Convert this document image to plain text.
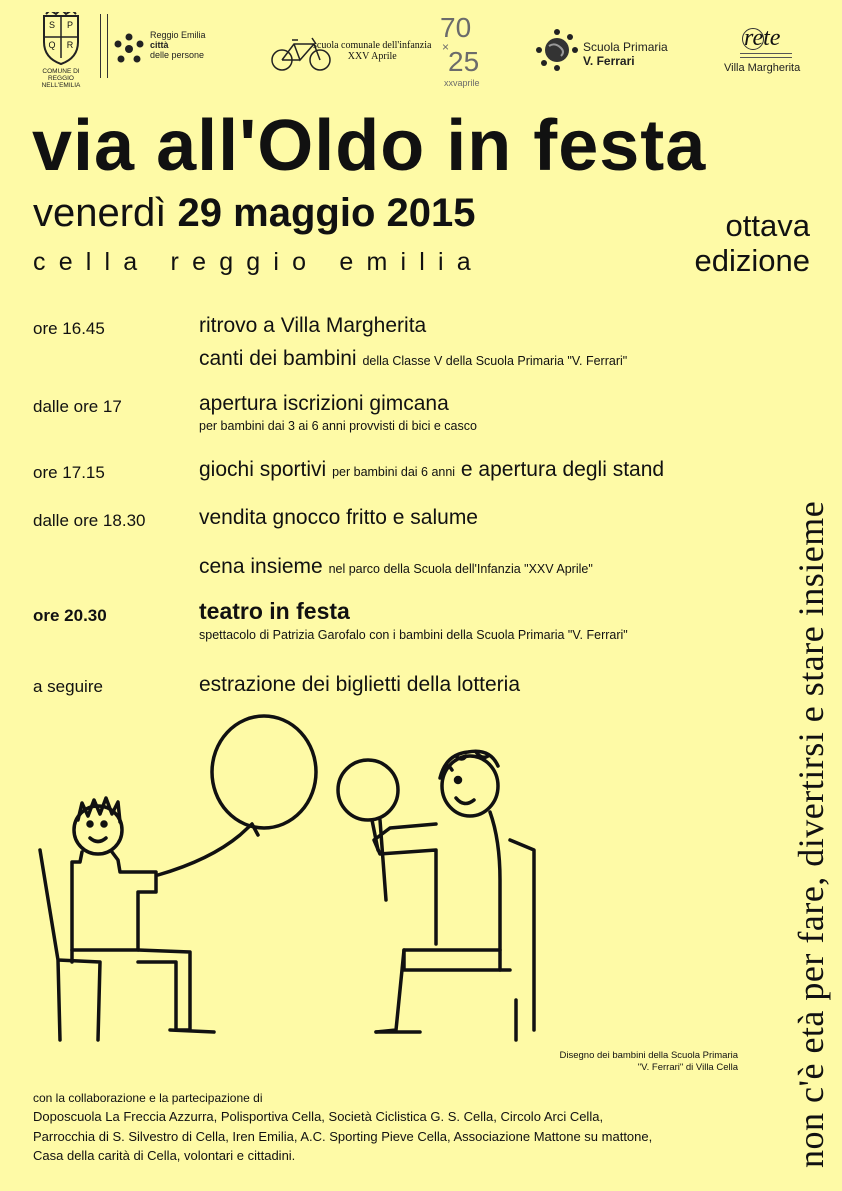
S	P
Q	R
COMUNE DI
REGGIO NELL'EMILIA
Reggio Emilia
città
delle persone
scuola comunale dell'infanzia
XXV Aprile
70
×
25
xxvaprile
Scuola Primaria
V. Ferrari
rete
Villa Margherita
via all'Oldo in festa
venerdì 29 maggio 2015
cella reggio emilia
ottava
edizione
ore 16.45	ritrovo a Villa Margherita
canti dei bambini della Classe V della Scuola Primaria "V. Ferrari"
dalle ore 17	apertura iscrizioni gimcana
per bambini dai 3 ai 6 anni provvisti di bici e casco
ore 17.15	giochi sportivi per bambini dai 6 anni e apertura degli stand
dalle ore 18.30	vendita gnocco fritto e salume
cena insieme nel parco della Scuola dell'Infanzia "XXV Aprile"
ore 20.30	teatro in festa
spettacolo di Patrizia Garofalo con i bambini della Scuola Primaria "V. Ferrari"
a seguire	estrazione dei biglietti della lotteria
Disegno dei bambini della Scuola Primaria
"V. Ferrari" di Villa Cella non c'è età per fare, divertirsi e stare insieme
con la collaborazione e la partecipazione di
Doposcuola La Freccia Azzurra, Polisportiva Cella, Società Ciclistica G. S. Cella, Circolo Arci Cella,
Parrocchia di S. Silvestro di Cella, Iren Emilia, A.C. Sporting Pieve Cella, Associazione Mattone su mattone,
Casa della carità di Cella, volontari e cittadini.
